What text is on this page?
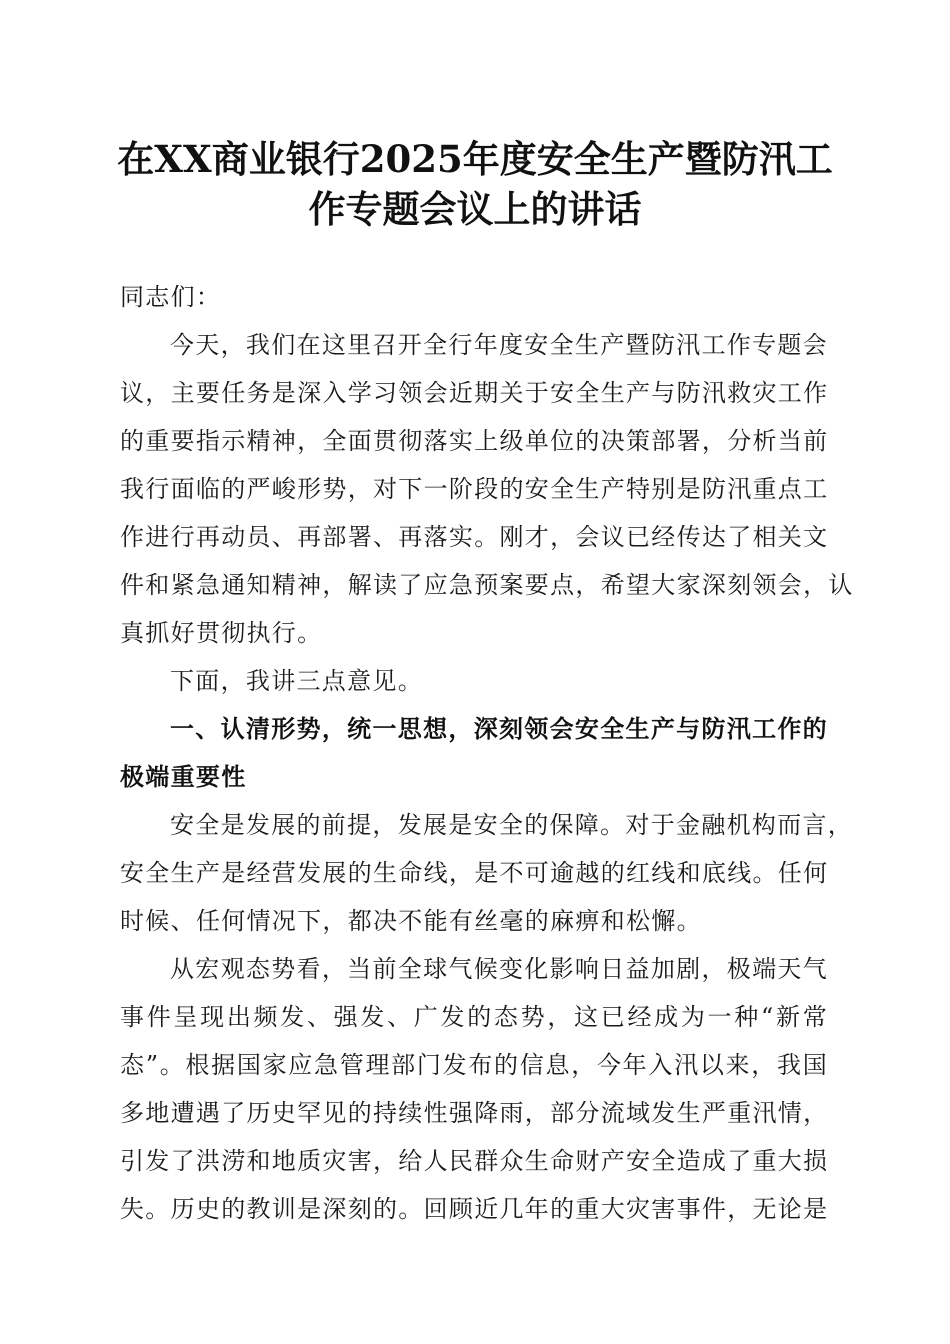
在XX商业银行2025年度安全生产暨防汛工
作专题会议上的讲话

同志们：

今天，我们在这里召开全行年度安全生产暨防汛工作专题会
议，主要任务是深入学习领会近期关于安全生产与防汛救灾工作
的重要指示精神，全面贯彻落实上级单位的决策部署，分析当前
我行面临的严峻形势，对下一阶段的安全生产特别是防汛重点工
作进行再动员、再部署、再落实。刚才，会议已经传达了相关文
件和紧急通知精神，解读了应急预案要点，希望大家深刻领会，认
真抓好贯彻执行。

下面，我讲三点意见。

一、认清形势，统一思想，深刻领会安全生产与防汛工作的
极端重要性

安全是发展的前提，发展是安全的保障。对于金融机构而言，
安全生产是经营发展的生命线，是不可逾越的红线和底线。任何
时候、任何情况下，都决不能有丝毫的麻痹和松懈。

从宏观态势看，当前全球气候变化影响日益加剧，极端天气
事件呈现出频发、强发、广发的态势，这已经成为一种“新常
态”。根据国家应急管理部门发布的信息，今年入汛以来，我国
多地遭遇了历史罕见的持续性强降雨，部分流域发生严重汛情，
引发了洪涝和地质灾害，给人民群众生命财产安全造成了重大损
失。历史的教训是深刻的。回顾近几年的重大灾害事件，无论是
